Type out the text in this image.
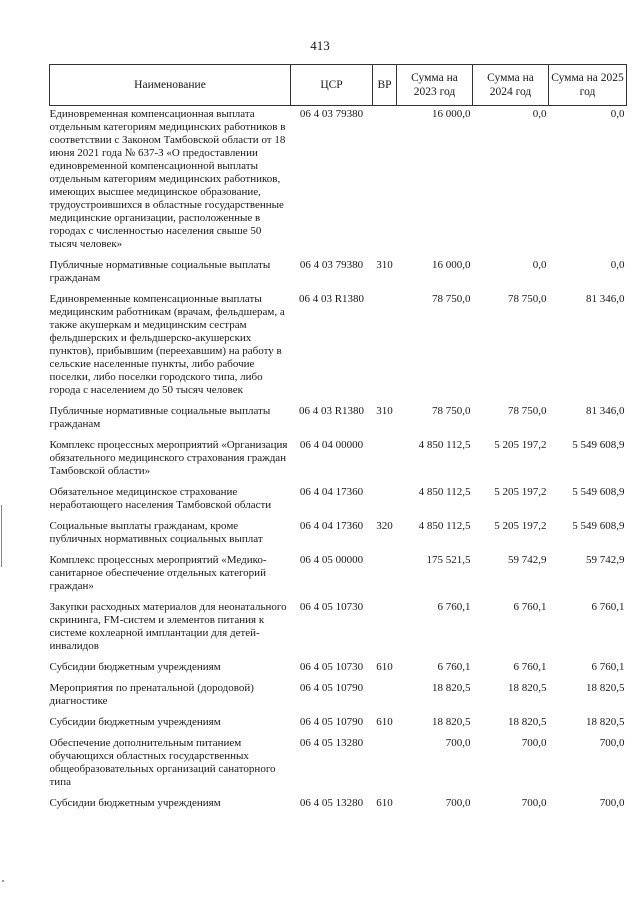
413
Наименование	ЦСР	ВР	Сумма на 2023 год	Сумма на 2024 год	Сумма на 2025 год
Единовременная компенсационная выплата отдельным категориям медицинских работников в соответствии с Законом Тамбовской области от 18 июня 2021 года № 637-З «О предоставлении единовременной компенсационной выплаты отдельным категориям медицинских работников, имеющих высшее медицинское образование, трудоустроившихся в областные государственные медицинские организации, расположенные в городах с численностью населения свыше 50 тысяч человек»	06 4 03 79380		16 000,0	0,0	0,0
Публичные нормативные социальные выплаты гражданам	06 4 03 79380	310	16 000,0	0,0	0,0
Единовременные компенсационные выплаты медицинским работникам (врачам, фельдшерам, а также акушеркам и медицинским сестрам фельдшерских и фельдшерско-акушерских пунктов), прибывшим (переехавшим) на работу в сельские населенные пункты, либо рабочие поселки, либо поселки городского типа, либо города с населением до 50 тысяч человек	06 4 03 R1380		78 750,0	78 750,0	81 346,0
Публичные нормативные социальные выплаты гражданам	06 4 03 R1380	310	78 750,0	78 750,0	81 346,0
Комплекс процессных мероприятий «Организация обязательного медицинского страхования граждан Тамбовской области»	06 4 04 00000		4 850 112,5	5 205 197,2	5 549 608,9
Обязательное медицинское страхование неработающего населения Тамбовской области	06 4 04 17360		4 850 112,5	5 205 197,2	5 549 608,9
Социальные выплаты гражданам, кроме публичных нормативных социальных выплат	06 4 04 17360	320	4 850 112,5	5 205 197,2	5 549 608,9
Комплекс процессных мероприятий «Медико-санитарное обеспечение отдельных категорий граждан»	06 4 05 00000		175 521,5	59 742,9	59 742,9
Закупки расходных материалов для неонатального скрининга, FM-систем и элементов питания к системе кохлеарной имплантации для детей-инвалидов	06 4 05 10730		6 760,1	6 760,1	6 760,1
Субсидии бюджетным учреждениям	06 4 05 10730	610	6 760,1	6 760,1	6 760,1
Мероприятия по пренатальной (дородовой) диагностике	06 4 05 10790		18 820,5	18 820,5	18 820,5
Субсидии бюджетным учреждениям	06 4 05 10790	610	18 820,5	18 820,5	18 820,5
Обеспечение дополнительным питанием обучающихся областных государственных общеобразовательных организаций санаторного типа	06 4 05 13280		700,0	700,0	700,0
Субсидии бюджетным учреждениям	06 4 05 13280	610	700,0	700,0	700,0
